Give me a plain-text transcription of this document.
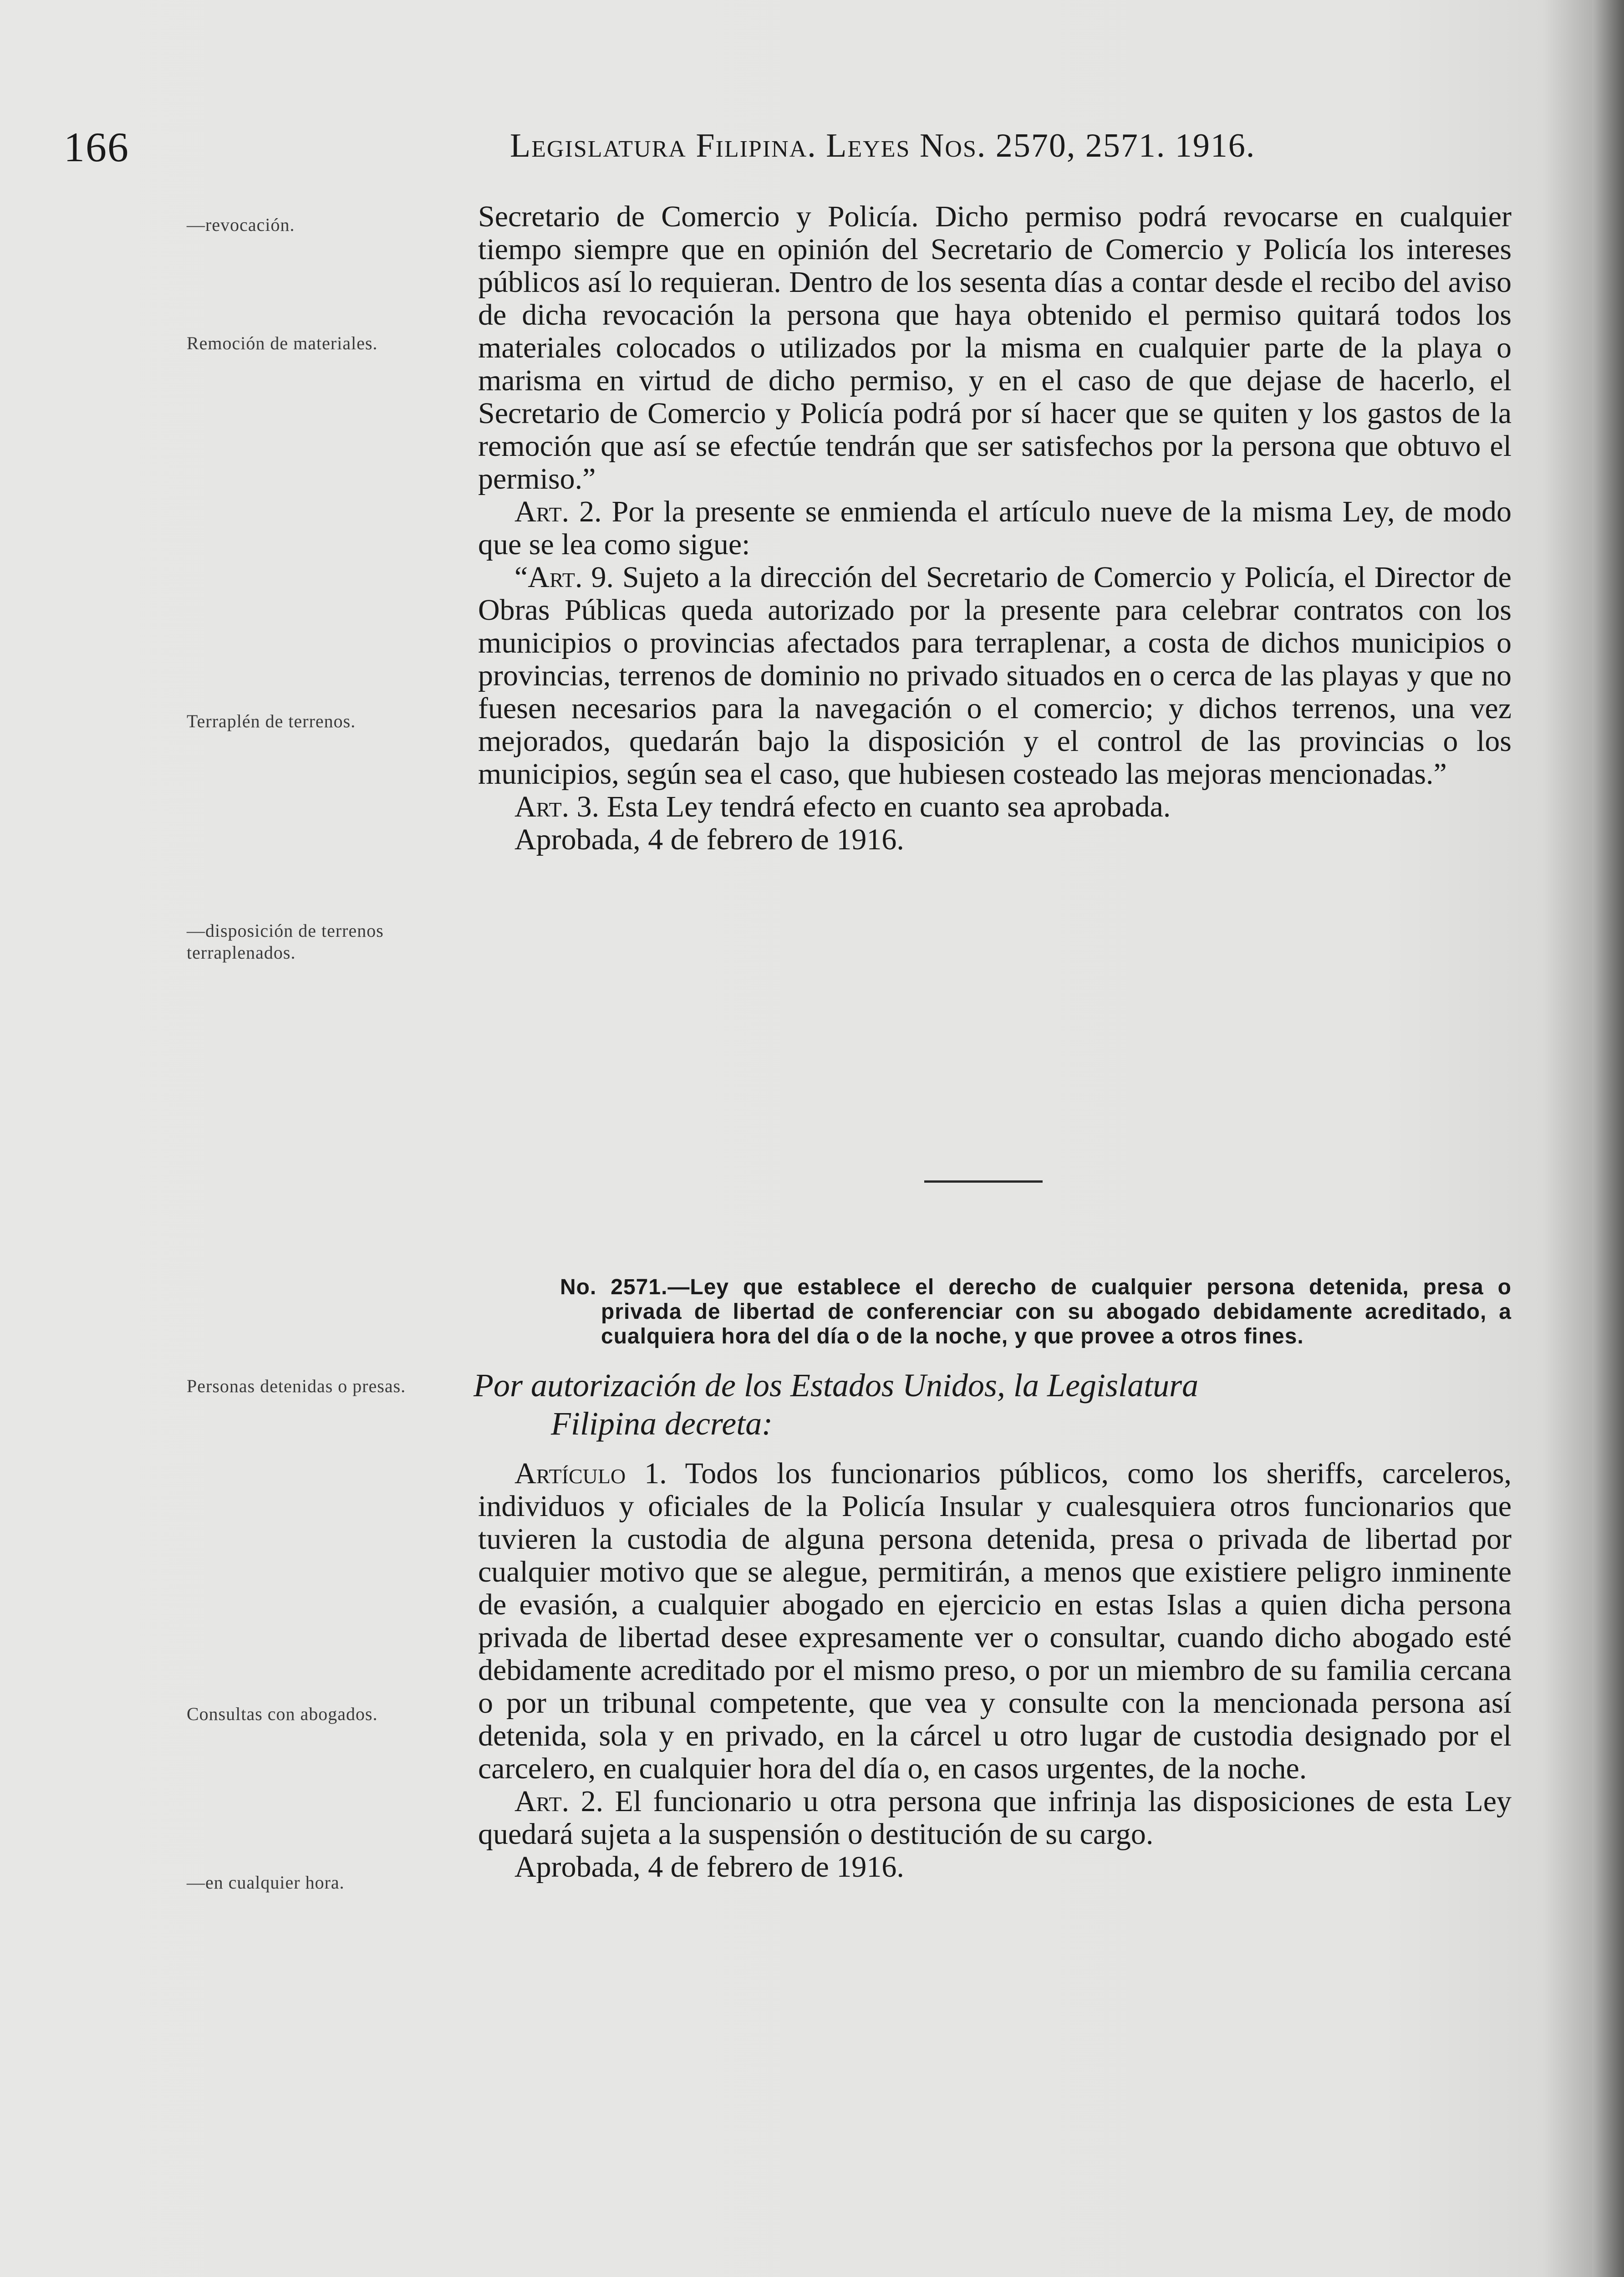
166	Legislatura Filipina. Leyes Nos. 2570, 2571. 1916.
—revocación.
Remoción de materiales.
Terraplén de terrenos.
—disposición de terrenos terraplenados.
Personas detenidas o presas.
Consultas con abogados.
—en cualquier hora.

Secretario de Comercio y Policía. Dicho permiso podrá revocarse en cualquier tiempo siempre que en opinión del Secretario de Comercio y Policía los intereses públicos así lo requieran. Dentro de los sesenta días a contar desde el recibo del aviso de dicha revocación la persona que haya obtenido el permiso quitará todos los materiales colocados o utilizados por la misma en cualquier parte de la playa o marisma en virtud de dicho permiso, y en el caso de que dejase de hacerlo, el Secretario de Comercio y Policía podrá por sí hacer que se quiten y los gastos de la remoción que así se efectúe tendrán que ser satisfechos por la persona que obtuvo el permiso.”

Art. 2. Por la presente se enmienda el artículo nueve de la misma Ley, de modo que se lea como sigue:

“Art. 9. Sujeto a la dirección del Secretario de Comercio y Policía, el Director de Obras Públicas queda autorizado por la presente para celebrar contratos con los municipios o provincias afectados para terraplenar, a costa de dichos municipios o provincias, terrenos de dominio no privado situados en o cerca de las playas y que no fuesen necesarios para la navegación o el comercio; y dichos terrenos, una vez mejorados, quedarán bajo la disposición y el control de las provincias o los municipios, según sea el caso, que hubiesen costeado las mejoras mencionadas.”

Art. 3. Esta Ley tendrá efecto en cuanto sea aprobada.

Aprobada, 4 de febrero de 1916.

No. 2571.—Ley que establece el derecho de cualquier persona detenida, presa o privada de libertad de conferenciar con su abogado debidamente acreditado, a cualquiera hora del día o de la noche, y que provee a otros fines.
Por autorización de los Estados Unidos, la Legislatura
Filipina decreta:

Artículo 1. Todos los funcionarios públicos, como los sheriffs, carceleros, individuos y oficiales de la Policía Insular y cualesquiera otros funcionarios que tuvieren la custodia de alguna persona detenida, presa o privada de libertad por cualquier motivo que se alegue, permitirán, a menos que existiere peligro inminente de evasión, a cualquier abogado en ejercicio en estas Islas a quien dicha persona privada de libertad desee expresamente ver o consultar, cuando dicho abogado esté debidamente acreditado por el mismo preso, o por un miembro de su familia cercana o por un tribunal competente, que vea y consulte con la mencionada persona así detenida, sola y en privado, en la cárcel u otro lugar de custodia designado por el carcelero, en cualquier hora del día o, en casos urgentes, de la noche.

Art. 2. El funcionario u otra persona que infrinja las disposiciones de esta Ley quedará sujeta a la suspensión o destitución de su cargo.

Aprobada, 4 de febrero de 1916.
